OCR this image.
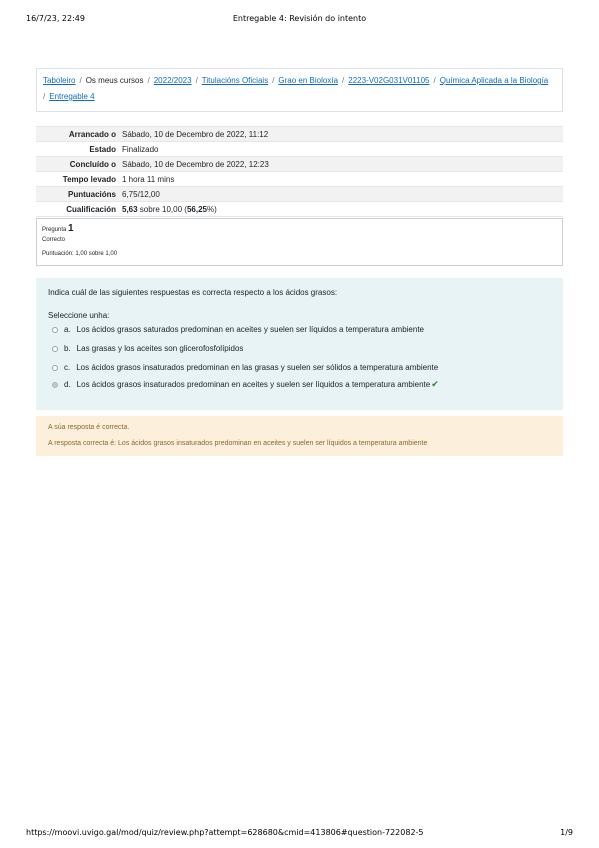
16/7/23, 22:49	Entregable 4: Revisión do intento
Taboleiro / Os meus cursos / 2022/2023 / Titulacións Oficiais / Grao en Bioloxía / 2223-V02G031V01105 / Química Aplicada a la Biología
/ Entregable 4
Arrancado o	Sábado, 10 de Decembro de 2022, 11:12
Estado	Finalizado
Concluído o	Sábado, 10 de Decembro de 2022, 12:23
Tempo levado	1 hora 11 mins
Puntuacións	6,75/12,00
Cualificación	5,63 sobre 10,00 (56,25%)
Pregunta 1
Correcto
Puntuación: 1,00 sobre 1,00
Indica cuál de las siguientes respuestas es correcta respecto a los ácidos grasos:
Seleccione unha:
a. Los ácidos grasos saturados predominan en aceites y suelen ser líquidos a temperatura ambiente
b. Las grasas y los aceites son glicerofosfolípidos
c. Los ácidos grasos insaturados predominan en las grasas y suelen ser sólidos a temperatura ambiente
d. Los ácidos grasos insaturados predominan en aceites y suelen ser líquidos a temperatura ambiente✔
A súa resposta é correcta.
A resposta correcta é: Los ácidos grasos insaturados predominan en aceites y suelen ser líquidos a temperatura ambiente
https://moovi.uvigo.gal/mod/quiz/review.php?attempt=628680&cmid=413806#question-722082-5	1/9
